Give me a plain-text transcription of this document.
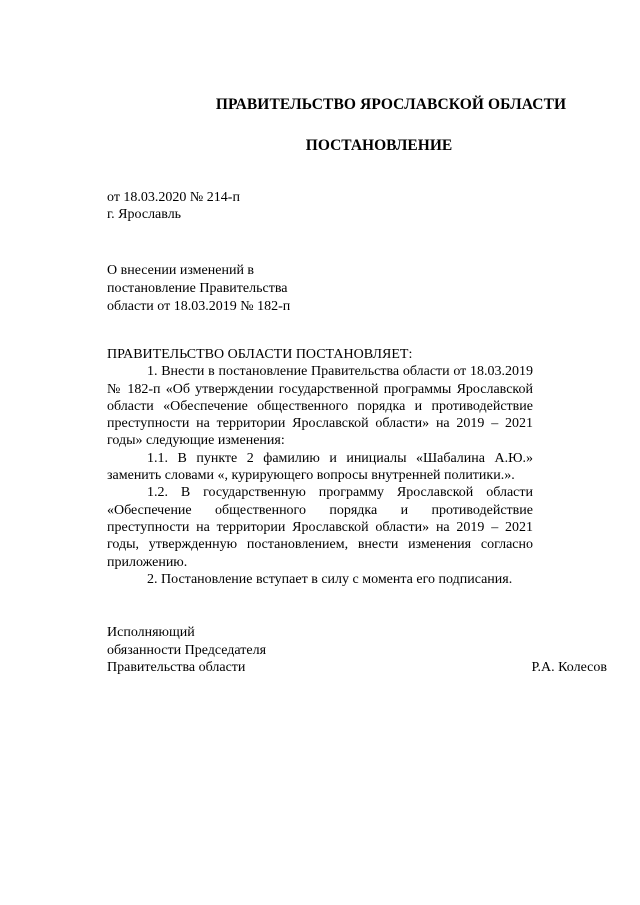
ПРАВИТЕЛЬСТВО ЯРОСЛАВСКОЙ ОБЛАСТИ
ПОСТАНОВЛЕНИЕ
от 18.03.2020 № 214-п
г. Ярославль
О внесении изменений в
постановление Правительства
области от 18.03.2019 № 182-п

ПРАВИТЕЛЬСТВО ОБЛАСТИ ПОСТАНОВЛЯЕТ:

1. Внести в постановление Правительства области от 18.03.2019 № 182-п «Об утверждении государственной программы Ярославской области «Обеспечение общественного порядка и противодействие преступности на территории Ярославской области» на 2019 – 2021 годы» следующие изменения:

1.1. В пункте 2 фамилию и инициалы «Шабалина А.Ю.» заменить словами «, курирующего вопросы внутренней политики.».

1.2. В государственную программу Ярославской области «Обеспечение общественного порядка и противодействие преступности на территории Ярославской области» на 2019 – 2021 годы, утвержденную постановлением, внести изменения согласно приложению.

2. Постановление вступает в силу с момента его подписания.

Исполняющий
обязанности Председателя
Правительства области	Р.А. Колесов
